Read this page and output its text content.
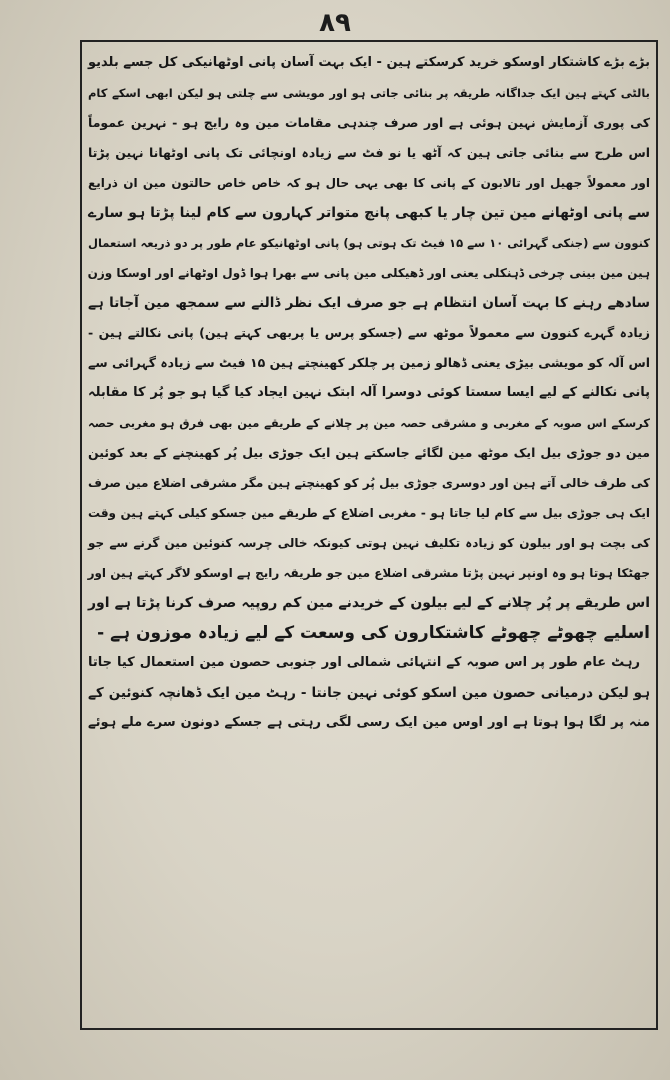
۸۹
بڑے بڑے کاشتکار اوسکو خرید کرسکتے ہین - ایک بہت آسان پانی اوٹھانیکی کل جسے بلدیو
بالٹی کہتے ہین ایک جداگانہ طریقہ پر بنائی جاتی ہو اور مویشی سے چلتی ہو لیکن ابھی اسکے کام
کی پوری آزمایش نہین ہوئی ہے اور صرف چندہی مقامات مین وہ رایج ہو - نہرین عموماً
اس طرح سے بنائی جاتی ہین کہ آٹھ یا نو فٹ سے زیادہ اونچائی تک پانی اوٹھانا نہین پڑتا
اور معمولاً جھیل اور تالابون کے پانی کا بھی یہی حال ہو کہ خاص خاص حالتون مین ان ذرایع
سے پانی اوٹھانے مین تین چار یا کبھی پانچ متواتر کہارون سے کام لینا پڑتا ہو سارے
کنوون سے (جنکی گہرائی ۱۰ سے ۱۵ فیٹ تک ہوتی ہو) پانی اوٹھانیکو عام طور پر دو ذریعہ استعمال
ہین مین بینی چرخی ڈہنکلی یعنی اور ڈھیکلی مین پانی سے بھرا ہوا ڈول اوٹھانے اور اوسکا وزن
سادھے رہنے کا بہت آسان انتظام ہے جو صرف ایک نظر ڈالنے سے سمجھ مین آجاتا ہے
زیادہ گہرے کنوون سے معمولاً موٹھ سے (جسکو پرس یا پربھی کہتے ہین) پانی نکالتے ہین -
اس آلہ کو مویشی بیڑی یعنی ڈھالو زمین پر چلکر کھینچتے ہین ۱۵ فیٹ سے زیادہ گہرائی سے
پانی نکالنے کے لیے ایسا سستا کوئی دوسرا آلہ ابتک نہین ایجاد کیا گیا ہو جو پُر کا مقابلہ
کرسکے اس صوبہ کے مغربی و مشرقی حصہ مین پر چلانے کے طریقے مین بھی فرق ہو مغربی حصہ
مین دو جوڑی بیل ایک موٹھ مین لگائے جاسکتے ہین ایک جوڑی بیل پُر کھینچنے کے بعد کوئین
کی طرف خالی آتے ہین اور دوسری جوڑی بیل پُر کو کھینچتے ہین مگر مشرقی اضلاع مین صرف
ایک ہی جوڑی بیل سے کام لیا جاتا ہو - مغربی اضلاع کے طریقے مین جسکو کیلی کہتے ہین وقت
کی بچت ہو اور بیلون کو زیادہ تکلیف نہین ہوتی کیونکہ خالی چرسہ کنوئین مین گرنے سے جو
جھٹکا ہوتا ہو وہ اونپر نہین پڑتا مشرقی اضلاع مین جو طریقہ رایج ہے اوسکو لاگر کہتے ہین اور
اس طریقے پر پُر چلانے کے لیے بیلون کے خریدنے مین کم روپیہ صرف کرنا پڑتا ہے اور
اسلیے چھوٹے چھوٹے کاشتکارون کی وسعت کے لیے زیادہ موزون ہے -
رہٹ عام طور پر اس صوبہ کے انتہائی شمالی اور جنوبی حصون مین استعمال کیا جاتا
ہو لیکن درمیانی حصون مین اسکو کوئی نہین جانتا - رہٹ مین ایک ڈھانچہ کنوئین کے
منہ پر لگا ہوا ہوتا ہے اور اوس مین ایک رسی لگی رہتی ہے جسکے دونون سرے ملے ہوئے
